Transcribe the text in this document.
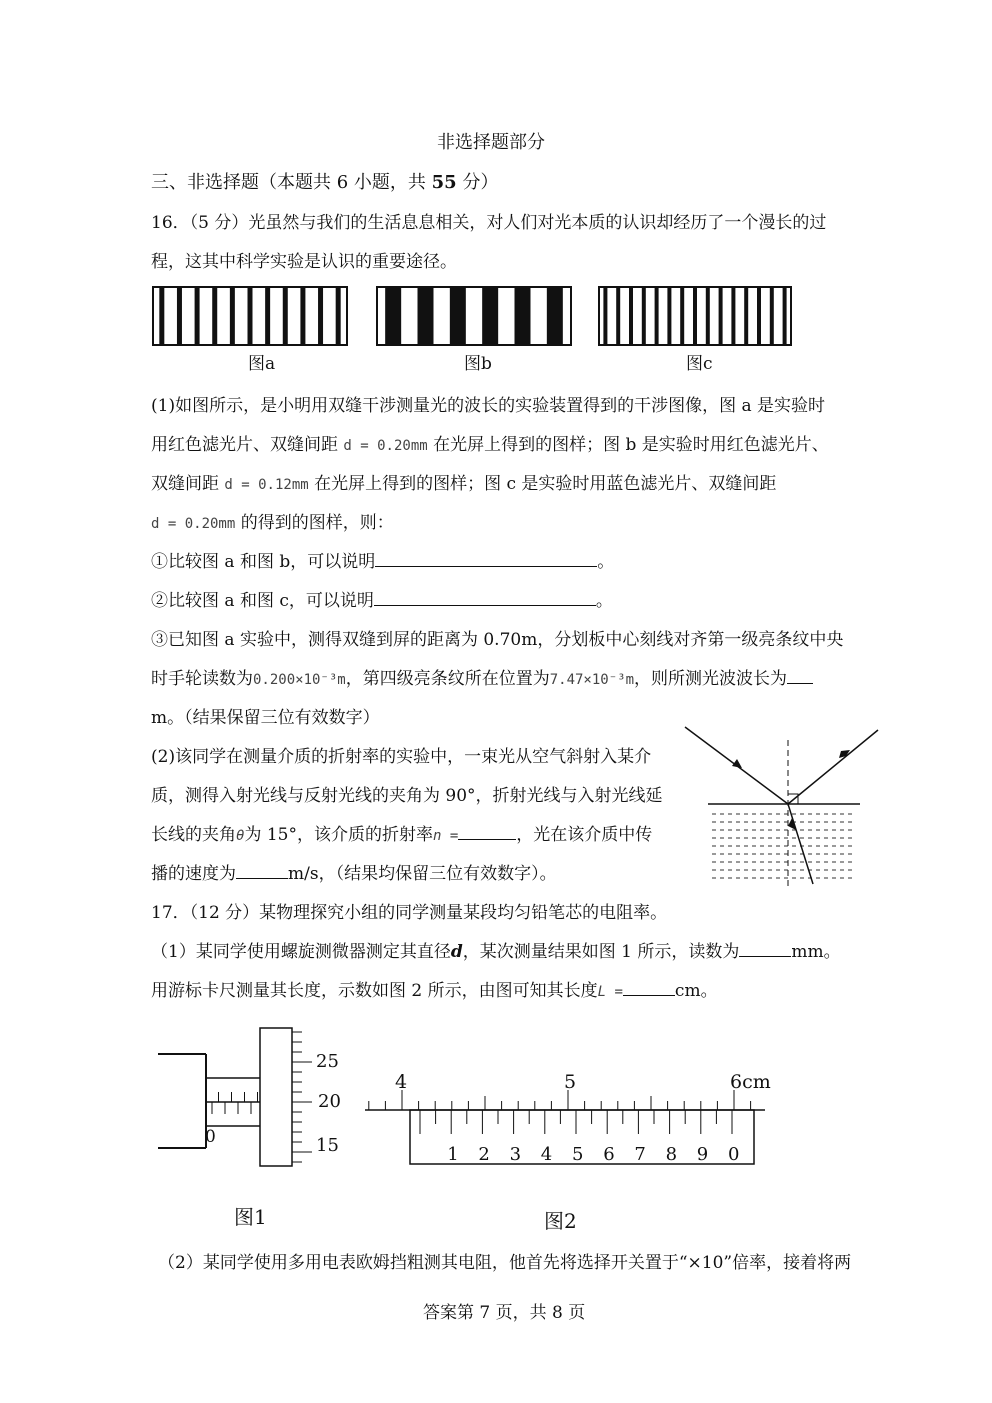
非选择题部分
三、非选择题（本题共 6 小题，共 55 分）
16．（5 分）光虽然与我们的生活息息相关，对人们对光本质的认识却经历了一个漫长的过
程，这其中科学实验是认识的重要途径。
图a	图b	图c
(1)如图所示，是小明用双缝干涉测量光的波长的实验装置得到的干涉图像，图 a 是实验时
用红色滤光片、双缝间距 d = 0.20mm 在光屏上得到的图样；图 b 是实验时用红色滤光片、
双缝间距 d = 0.12mm 在光屏上得到的图样；图 c 是实验时用蓝色滤光片、双缝间距
d = 0.20mm 的得到的图样，则：
①比较图 a 和图 b，可以说明	。
②比较图 a 和图 c，可以说明	。
③已知图 a 实验中，测得双缝到屏的距离为 0.70m，分划板中心刻线对齐第一级亮条纹中央
时手轮读数为0.200×10⁻³m，第四级亮条纹所在位置为7.47×10⁻³m，则所测光波波长为
m。（结果保留三位有效数字）
(2)该同学在测量介质的折射率的实验中，一束光从空气斜射入某介
质，测得入射光线与反射光线的夹角为 90°，折射光线与入射光线延
长线的夹角θ为 15°，该介质的折射率n =	，光在该介质中传
播的速度为	m/s，（结果均保留三位有效数字）。
17．（12 分）某物理探究小组的同学测量某段均匀铅笔芯的电阻率。
（1）某同学使用螺旋测微器测定其直径d，某次测量结果如图 1 所示，读数为	mm。
用游标卡尺测量其长度，示数如图 2 所示，由图可知其长度L =	cm。
0
25
20
15
图1
4	5	6cm
1 2 3 4 5 6 7 8 9 0
图2
（2）某同学使用多用电表欧姆挡粗测其电阻，他首先将选择开关置于“×10”倍率，接着将两
答案第 7 页，共 8 页
